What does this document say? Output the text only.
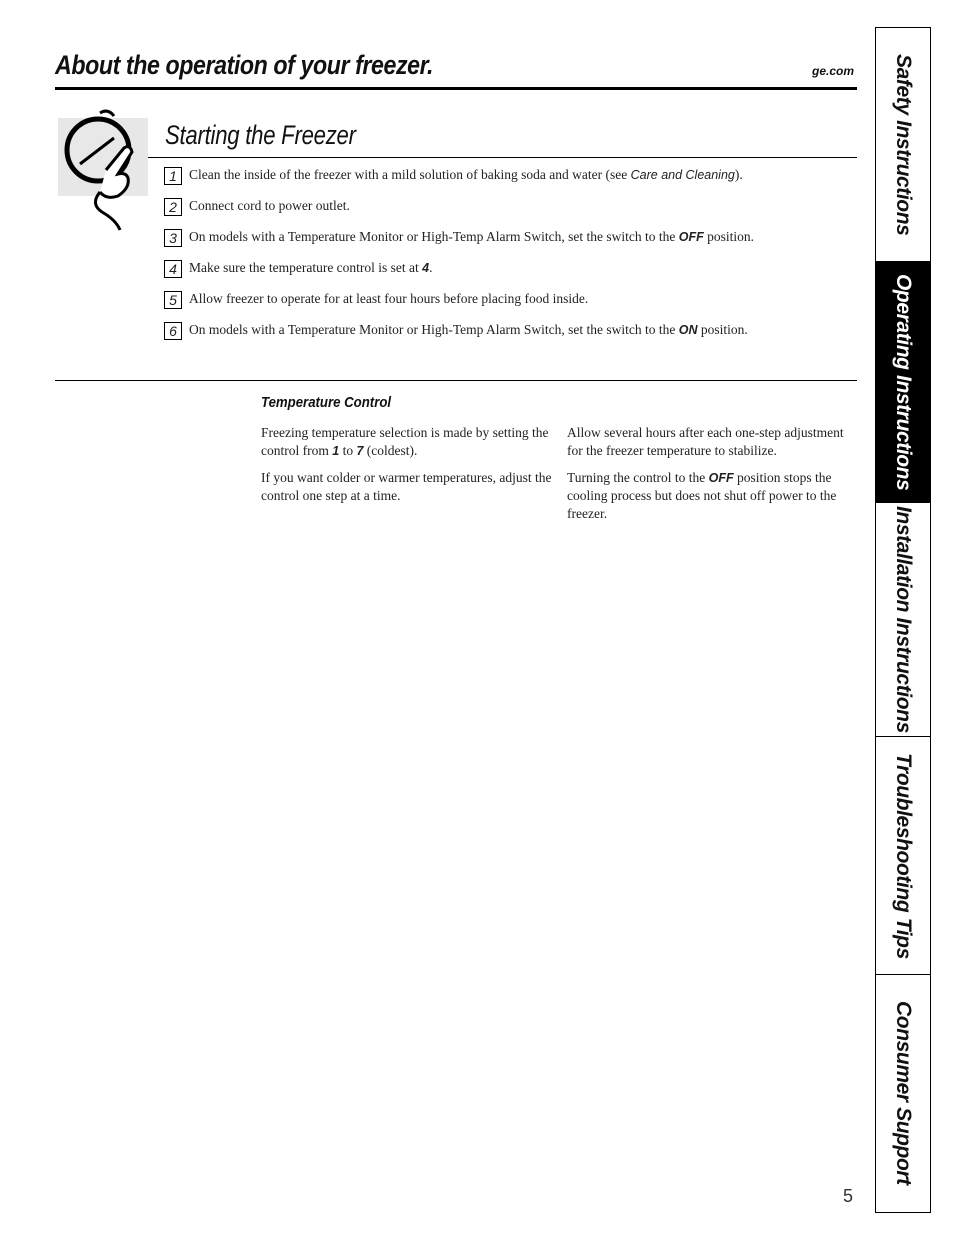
About the operation of your freezer.	ge.com
Starting the Freezer
1 Clean the inside of the freezer with a mild solution of baking soda and water (see Care and Cleaning).
2 Connect cord to power outlet.
3 On models with a Temperature Monitor or High-Temp Alarm Switch, set the switch to the OFF position.
4 Make sure the temperature control is set at 4.
5 Allow freezer to operate for at least four hours before placing food inside.
6 On models with a Temperature Monitor or High-Temp Alarm Switch, set the switch to the ON position.
Temperature Control

Freezing temperature selection is made by setting the control from 1 to 7 (coldest).

If you want colder or warmer temperatures, adjust the control one step at a time.

Allow several hours after each one-step adjustment for the freezer temperature to stabilize.

Turning the control to the OFF position stops the cooling process but does not shut off power to the freezer.

5
Safety Instructions
Operating Instructions
Installation Instructions
Troubleshooting Tips
Consumer Support
